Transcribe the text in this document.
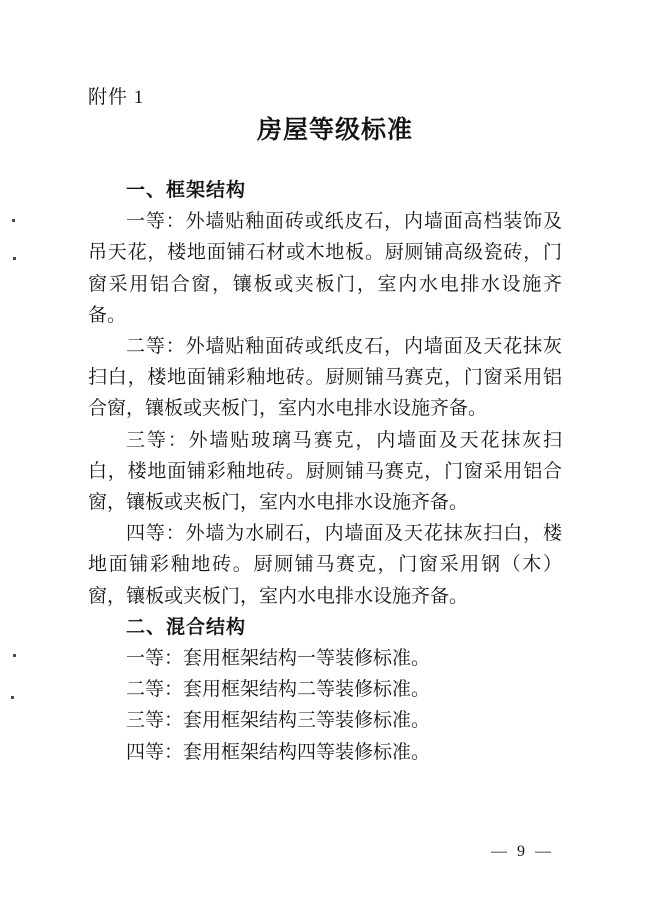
附件 1
房屋等级标准
一、框架结构

一等：外墙贴釉面砖或纸皮石，内墙面高档装饰及吊天花，楼地面铺石材或木地板。厨厕铺高级瓷砖，门窗采用铝合窗，镶板或夹板门，室内水电排水设施齐备。

二等：外墙贴釉面砖或纸皮石，内墙面及天花抹灰扫白，楼地面铺彩釉地砖。厨厕铺马赛克，门窗采用铝合窗，镶板或夹板门，室内水电排水设施齐备。

三等：外墙贴玻璃马赛克，内墙面及天花抹灰扫白，楼地面铺彩釉地砖。厨厕铺马赛克，门窗采用铝合窗，镶板或夹板门，室内水电排水设施齐备。

四等：外墙为水刷石，内墙面及天花抹灰扫白，楼地面铺彩釉地砖。厨厕铺马赛克，门窗采用钢（木）窗，镶板或夹板门，室内水电排水设施齐备。

二、混合结构

一等：套用框架结构一等装修标准。

二等：套用框架结构二等装修标准。

三等：套用框架结构三等装修标准。

四等：套用框架结构四等装修标准。

— 9 —
